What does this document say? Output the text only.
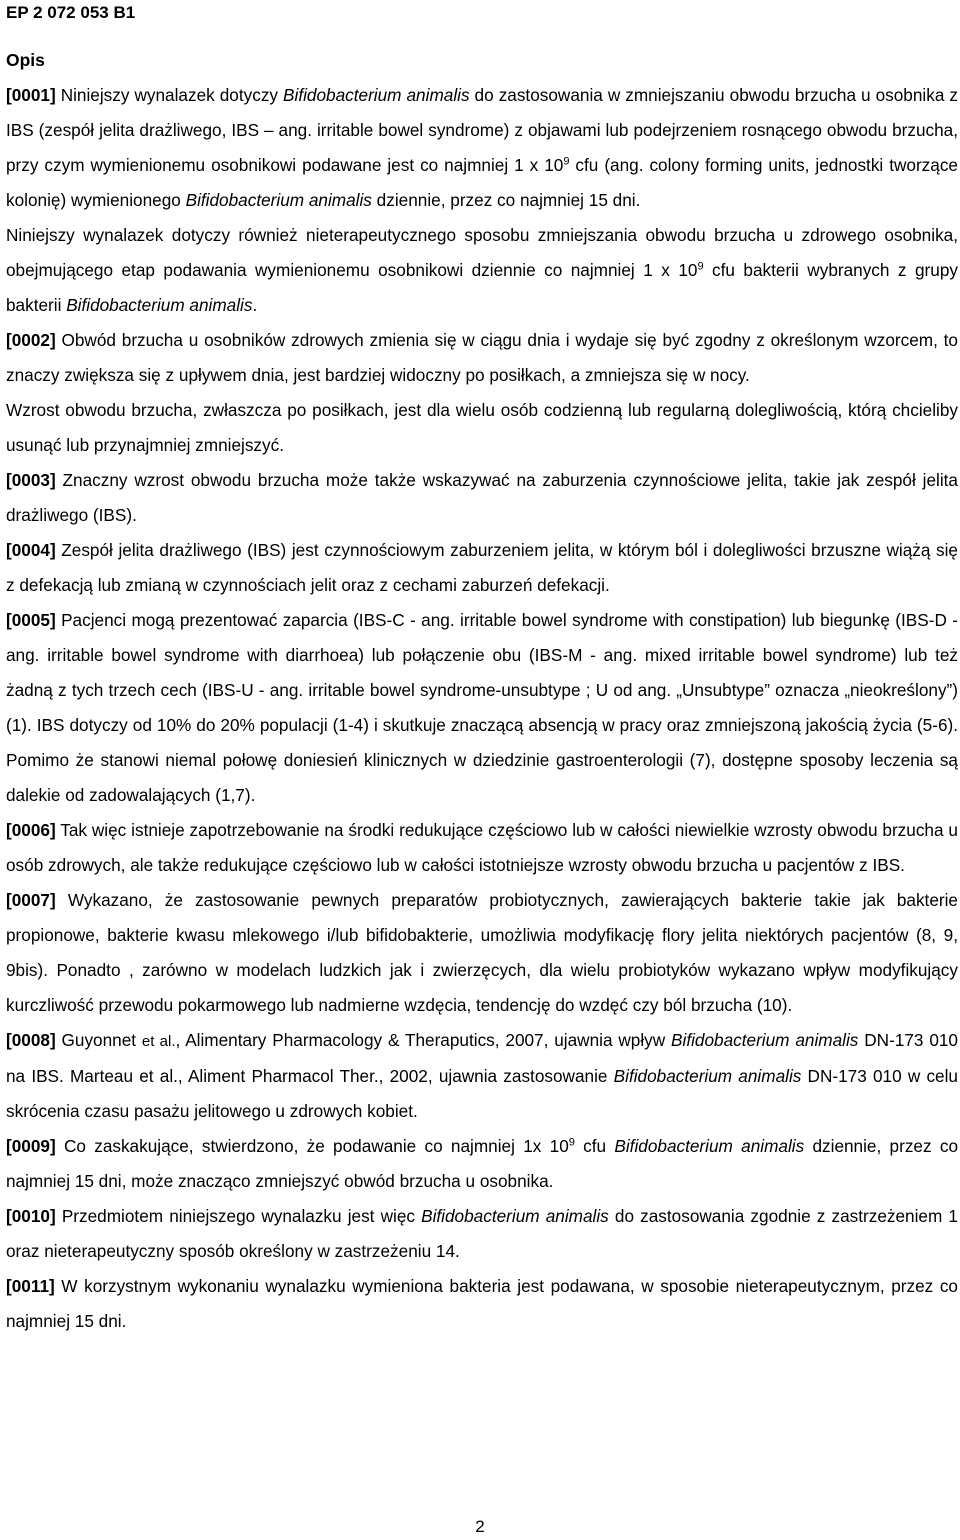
EP 2 072 053 B1
Opis

[0001] Niniejszy wynalazek dotyczy Bifidobacterium animalis do zastosowania w zmniejszaniu obwodu brzucha u osobnika z IBS (zespół jelita drażliwego, IBS – ang. irritable bowel syndrome) z objawami lub podejrzeniem rosnącego obwodu brzucha, przy czym wymienionemu osobnikowi podawane jest co najmniej 1 x $10^9$ cfu (ang. colony forming units, jednostki tworzące kolonię) wymienionego Bifidobacterium animalis dziennie, przez co najmniej 15 dni.

Niniejszy wynalazek dotyczy również nieterapeutycznego sposobu zmniejszania obwodu brzucha u zdrowego osobnika, obejmującego etap podawania wymienionemu osobnikowi dziennie co najmniej 1 x $10^9$ cfu bakterii wybranych z grupy bakterii Bifidobacterium animalis.

[0002] Obwód brzucha u osobników zdrowych zmienia się w ciągu dnia i wydaje się być zgodny z określonym wzorcem, to znaczy zwiększa się z upływem dnia, jest bardziej widoczny po posiłkach, a zmniejsza się w nocy.

Wzrost obwodu brzucha, zwłaszcza po posiłkach, jest dla wielu osób codzienną lub regularną dolegliwością, którą chcieliby usunąć lub przynajmniej zmniejszyć.

[0003] Znaczny wzrost obwodu brzucha może także wskazywać na zaburzenia czynnościowe jelita, takie jak zespół jelita drażliwego (IBS).

[0004] Zespół jelita drażliwego (IBS) jest czynnościowym zaburzeniem jelita, w którym ból i dolegliwości brzuszne wiążą się z defekacją lub zmianą w czynnościach jelit oraz z cechami zaburzeń defekacji.

[0005] Pacjenci mogą prezentować zaparcia (IBS-C - ang. irritable bowel syndrome with constipation) lub biegunkę (IBS-D - ang. irritable bowel syndrome with diarrhoea) lub połączenie obu (IBS-M - ang. mixed irritable bowel syndrome) lub też żadną z tych trzech cech (IBS-U - ang. irritable bowel syndrome-unsubtype ; U od ang. „Unsubtype” oznacza „nieokreślony”) (1). IBS dotyczy od 10% do 20% populacji (1-4) i skutkuje znaczącą absencją w pracy oraz zmniejszoną jakością życia (5-6). Pomimo że stanowi niemal połowę doniesień klinicznych w dziedzinie gastroenterologii (7), dostępne sposoby leczenia są dalekie od zadowalających (1,7).

[0006] Tak więc istnieje zapotrzebowanie na środki redukujące częściowo lub w całości niewielkie wzrosty obwodu brzucha u osób zdrowych, ale także redukujące częściowo lub w całości istotniejsze wzrosty obwodu brzucha u pacjentów z IBS.

[0007] Wykazano, że zastosowanie pewnych preparatów probiotycznych, zawierających bakterie takie jak bakterie propionowe, bakterie kwasu mlekowego i/lub bifidobakterie, umożliwia modyfikację flory jelita niektórych pacjentów (8, 9, 9bis). Ponadto , zarówno w modelach ludzkich jak i zwierzęcych, dla wielu probiotyków wykazano wpływ modyfikujący kurczliwość przewodu pokarmowego lub nadmierne wzdęcia, tendencję do wzdęć czy ból brzucha (10).

[0008] Guyonnet et al., Alimentary Pharmacology & Theraputics, 2007, ujawnia wpływ Bifidobacterium animalis DN-173 010 na IBS. Marteau et al., Aliment Pharmacol Ther., 2002, ujawnia zastosowanie Bifidobacterium animalis DN-173 010 w celu skrócenia czasu pasażu jelitowego u zdrowych kobiet.

[0009] Co zaskakujące, stwierdzono, że podawanie co najmniej 1x $10^9$ cfu Bifidobacterium animalis dziennie, przez co najmniej 15 dni, może znacząco zmniejszyć obwód brzucha u osobnika.

[0010] Przedmiotem niniejszego wynalazku jest więc Bifidobacterium animalis do zastosowania zgodnie z zastrzeżeniem 1 oraz nieterapeutyczny sposób określony w zastrzeżeniu 14.

[0011] W korzystnym wykonaniu wynalazku wymieniona bakteria jest podawana, w sposobie nieterapeutycznym, przez co najmniej 15 dni.

2
